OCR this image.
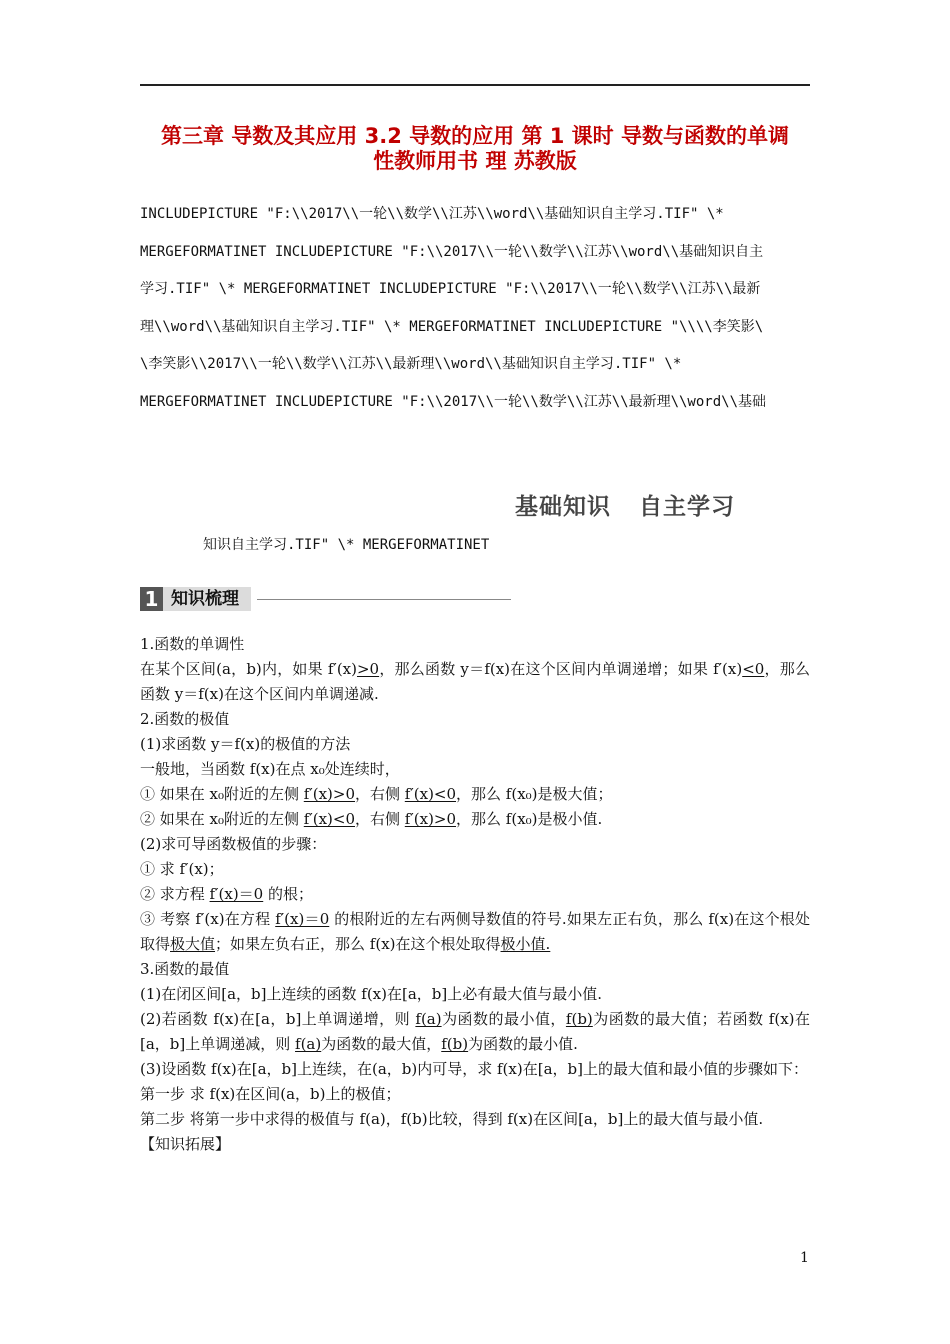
第三章 导数及其应用 3.2 导数的应用 第 1 课时 导数与函数的单调
性教师用书 理 苏教版
INCLUDEPICTURE "F:\\2017\\一轮\\数学\\江苏\\word\\基础知识自主学习.TIF" \*
MERGEFORMATINET INCLUDEPICTURE "F:\\2017\\一轮\\数学\\江苏\\word\\基础知识自主
学习.TIF" \* MERGEFORMATINET INCLUDEPICTURE "F:\\2017\\一轮\\数学\\江苏\\最新
理\\word\\基础知识自主学习.TIF" \* MERGEFORMATINET INCLUDEPICTURE "\\\\李笑影\
\李笑影\\2017\\一轮\\数学\\江苏\\最新理\\word\\基础知识自主学习.TIF" \*
MERGEFORMATINET INCLUDEPICTURE "F:\\2017\\一轮\\数学\\江苏\\最新理\\word\\基础
基础知识 自主学习
知识自主学习.TIF" \* MERGEFORMATINET
1 知识梳理

1.函数的单调性

在某个区间(a，b)内，如果 f′(x)>0，那么函数 y＝f(x)在这个区间内单调递增；如果 f′(x)<0，那么函数 y＝f(x)在这个区间内单调递减.

2.函数的极值

(1)求函数 y＝f(x)的极值的方法

一般地，当函数 f(x)在点 x₀处连续时，

① 如果在 x₀附近的左侧 f′(x)>0，右侧 f′(x)<0，那么 f(x₀)是极大值；

② 如果在 x₀附近的左侧 f′(x)<0，右侧 f′(x)>0，那么 f(x₀)是极小值.

(2)求可导函数极值的步骤：

① 求 f′(x)；

② 求方程 f′(x)＝0 的根；

③ 考察 f′(x)在方程 f′(x)＝0 的根附近的左右两侧导数值的符号.如果左正右负，那么 f(x)在这个根处取得极大值；如果左负右正，那么 f(x)在这个根处取得极小值.

3.函数的最值

(1)在闭区间[a，b]上连续的函数 f(x)在[a，b]上必有最大值与最小值.

(2)若函数 f(x)在[a，b]上单调递增，则 f(a)为函数的最小值，f(b)为函数的最大值；若函数 f(x)在[a，b]上单调递减，则 f(a)为函数的最大值，f(b)为函数的最小值.

(3)设函数 f(x)在[a，b]上连续，在(a，b)内可导，求 f(x)在[a，b]上的最大值和最小值的步骤如下：

第一步 求 f(x)在区间(a，b)上的极值；

第二步 将第一步中求得的极值与 f(a)，f(b)比较，得到 f(x)在区间[a，b]上的最大值与最小值.

【知识拓展】

1
